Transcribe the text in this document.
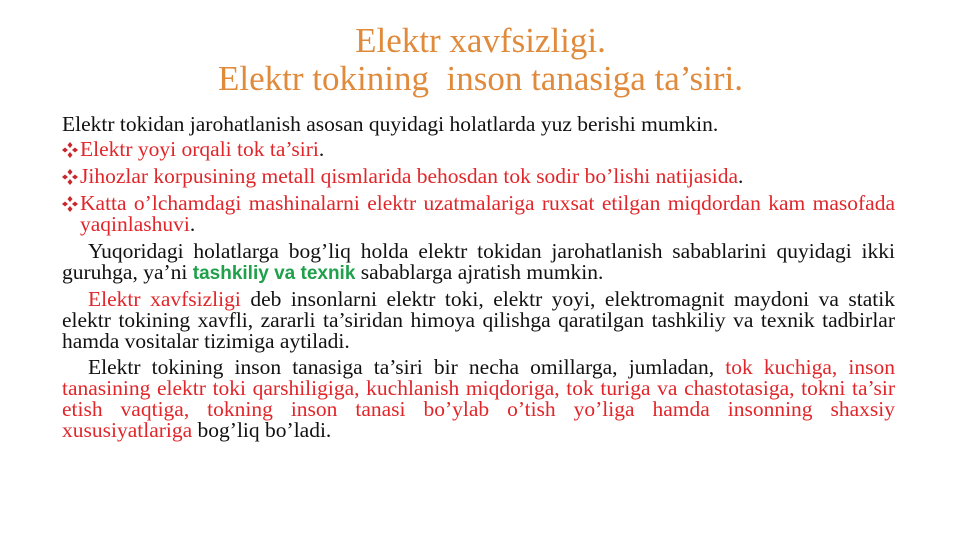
Elektr xavfsizligi.
Elektr tokining  inson tanasiga ta’siri.

Elektr tokidan jarohatlanish asosan quyidagi holatlarda yuz berishi mumkin.

Elektr yoyi orqali tok ta’siri.

Jihozlar korpusining metall qismlarida behosdan tok sodir bo’lishi natijasida.

Katta o’lchamdagi mashinalarni elektr uzatmalariga ruxsat etilgan miqdordan kam masofada yaqinlashuvi.

Yuqoridagi holatlarga bog’liq holda elektr tokidan jarohatlanish sabablarini quyidagi ikki guruhga, ya’ni tashkiliy va texnik sabablarga ajratish mumkin.

Elektr xavfsizligi deb insonlarni elektr toki, elektr yoyi, elektromagnit maydoni va statik elektr tokining xavfli, zararli ta’siridan himoya qilishga qaratilgan tashkiliy va texnik tadbirlar hamda vositalar tizimiga aytiladi.

Elektr tokining inson tanasiga ta’siri bir necha omillarga, jumladan, tok kuchiga, inson tanasining elektr toki qarshiligiga, kuchlanish miqdoriga, tok turiga va chastotasiga, tokni ta’sir etish vaqtiga, tokning inson tanasi bo’ylab o’tish yo’liga hamda insonning shaxsiy xususiyatlariga bog’liq bo’ladi.
